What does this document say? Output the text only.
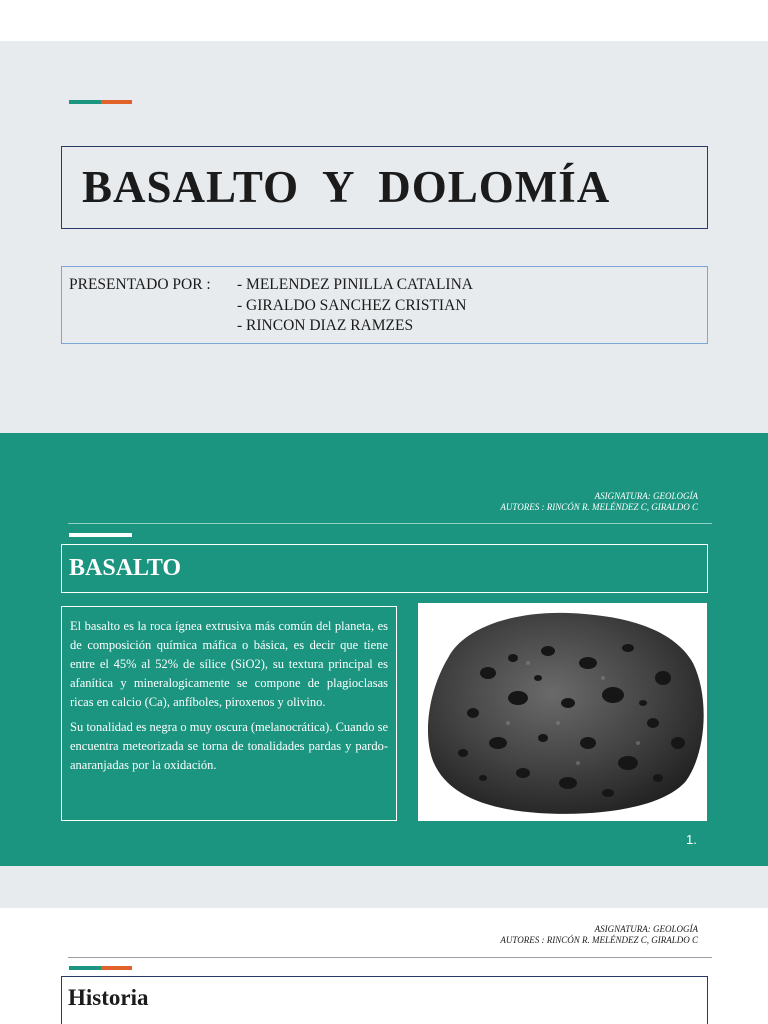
BASALTO  Y  DOLOMÍA
PRESENTADO POR : - MELENDEZ PINILLA CATALINA
- GIRALDO SANCHEZ CRISTIAN
- RINCON DIAZ RAMZES
ASIGNATURA: GEOLOGÍA
AUTORES : RINCÓN R. MELÉNDEZ C, GIRALDO C
BASALTO

El basalto es la roca ígnea extrusiva más común del planeta, es de composición química máfica o básica, es decir que tiene entre el 45% al 52% de sílice (SiO2), su textura principal es afanítica y mineralogicamente se compone de plagioclasas ricas en calcio (Ca), anfíboles, piroxenos y olivino.

Su tonalidad es negra o muy oscura (melanocrática). Cuando se encuentra meteorizada se torna de tonalidades pardas y pardo-anaranjadas por la oxidación.

1.
ASIGNATURA: GEOLOGÍA
AUTORES : RINCÓN R. MELÉNDEZ C, GIRALDO C
Historia
